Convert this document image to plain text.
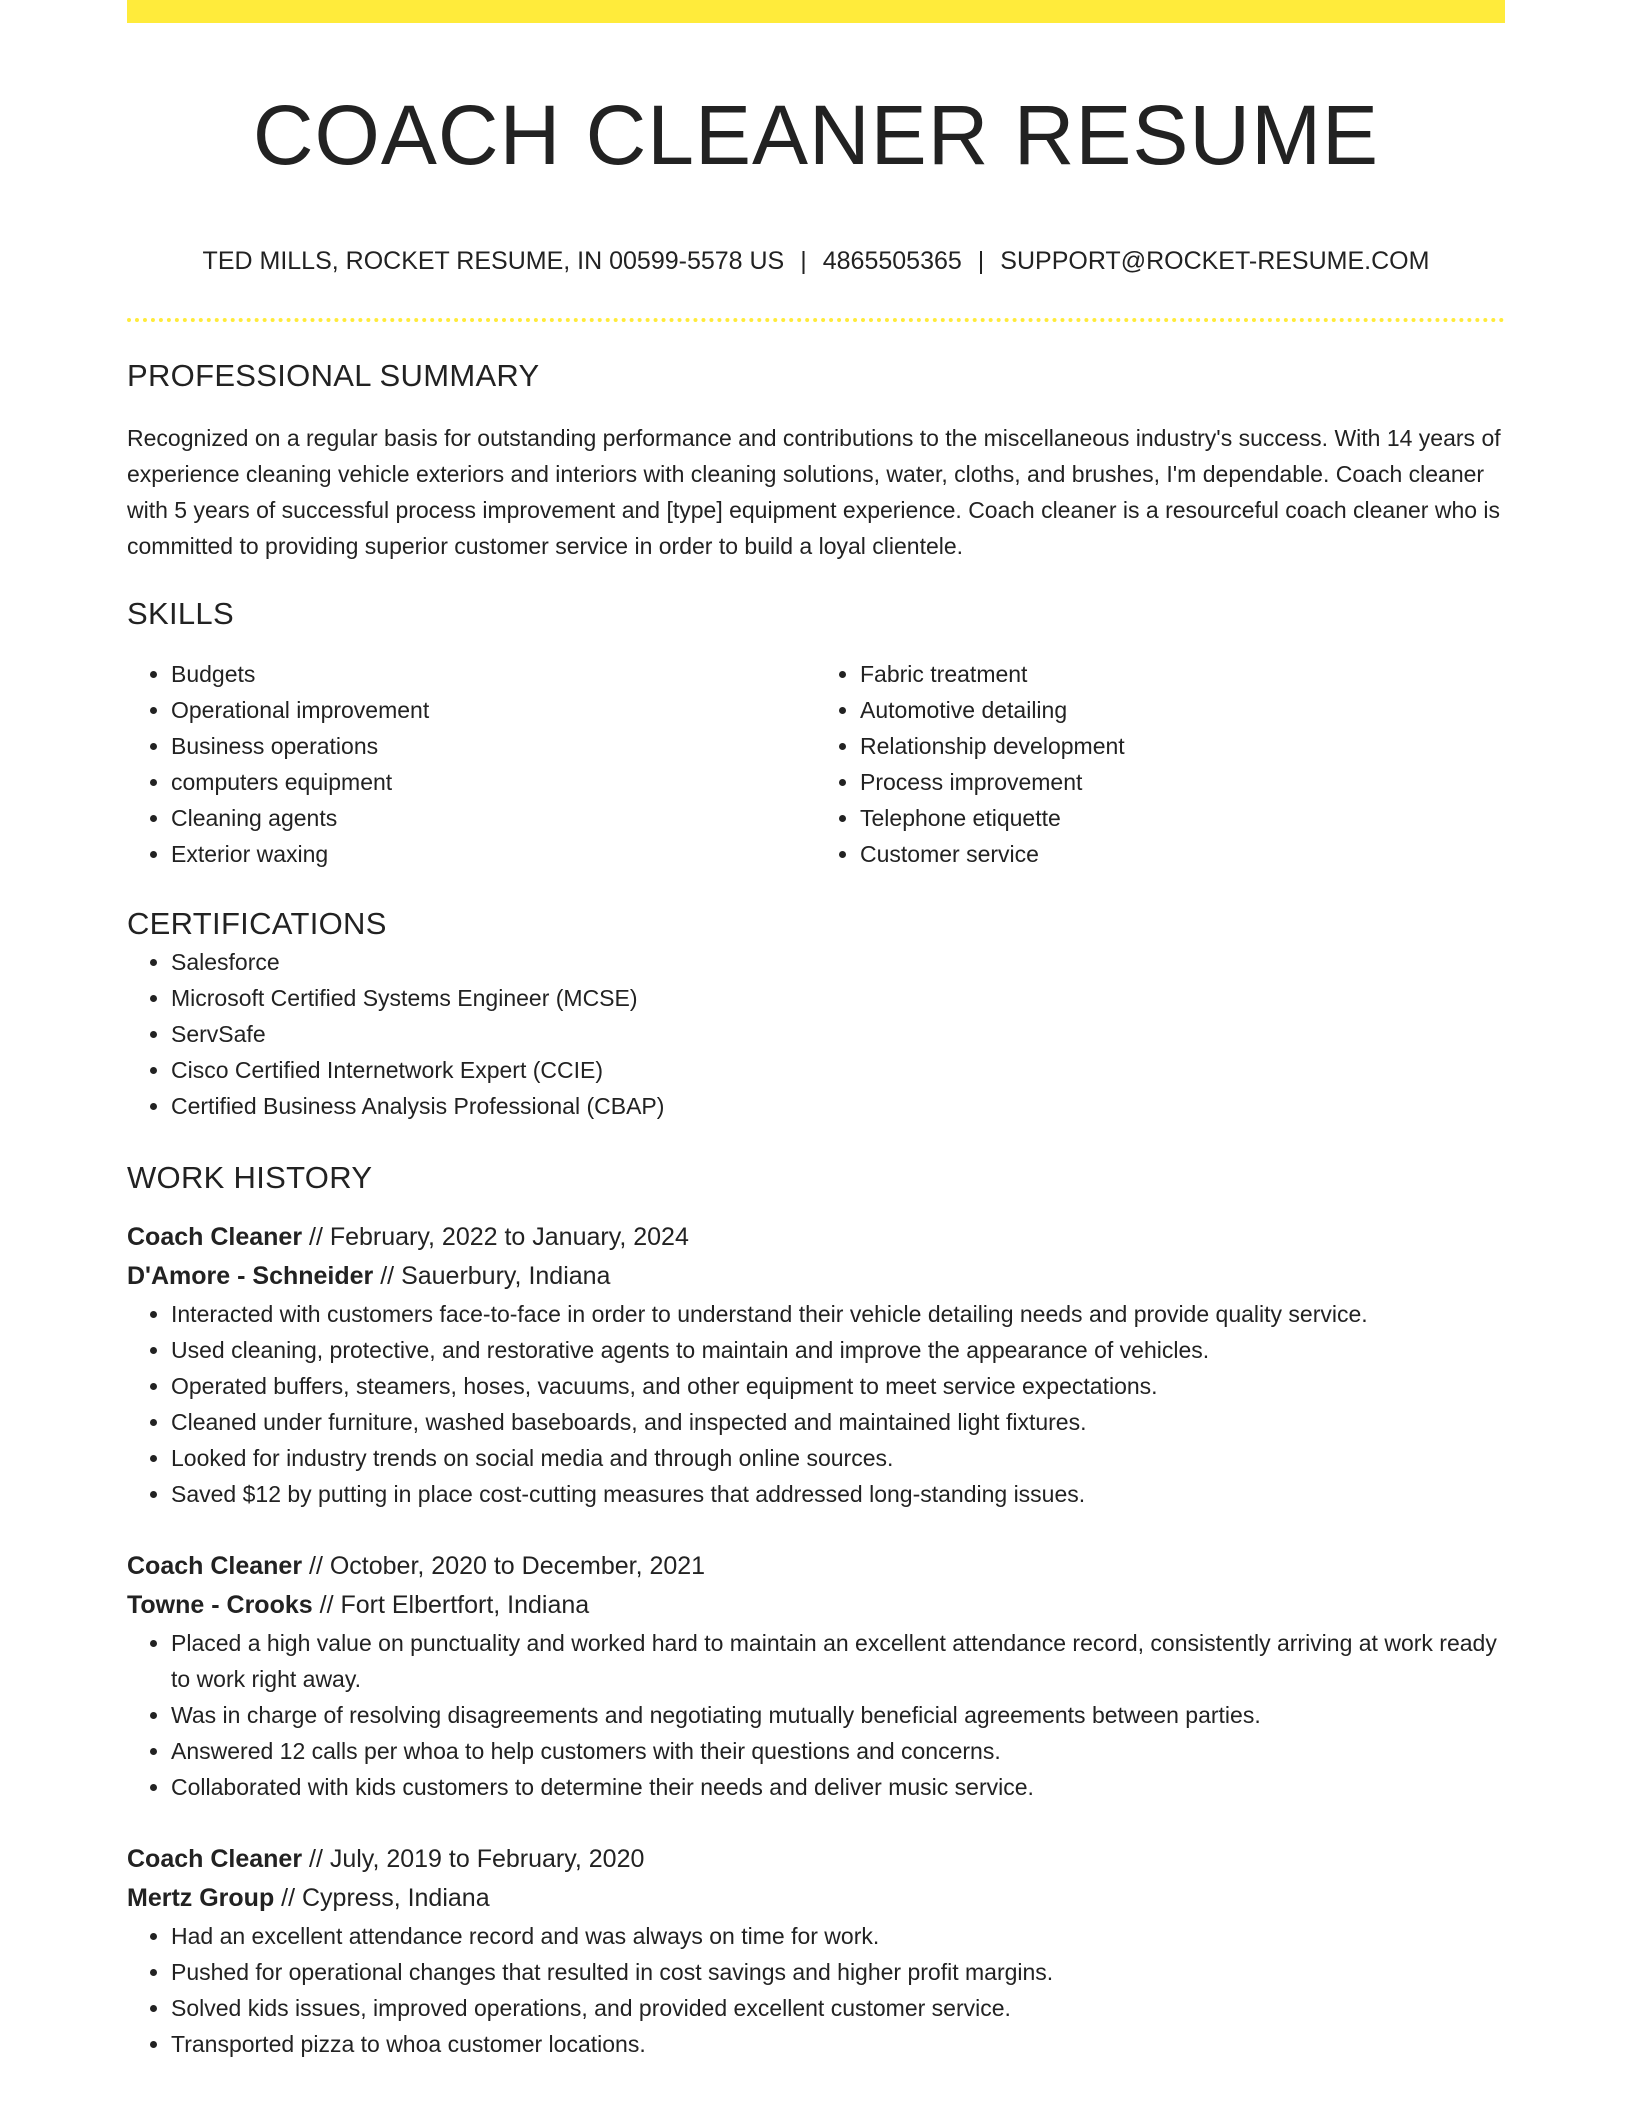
COACH CLEANER RESUME
TED MILLS, ROCKET RESUME, IN 00599-5578 US | 4865505365 | SUPPORT@ROCKET-RESUME.COM
PROFESSIONAL SUMMARY
Recognized on a regular basis for outstanding performance and contributions to the miscellaneous industry's success. With 14 years of experience cleaning vehicle exteriors and interiors with cleaning solutions, water, cloths, and brushes, I'm dependable. Coach cleaner with 5 years of successful process improvement and [type] equipment experience. Coach cleaner is a resourceful coach cleaner who is committed to providing superior customer service in order to build a loyal clientele.
SKILLS
• Budgets
• Operational improvement
• Business operations
• computers equipment
• Cleaning agents
• Exterior waxing
• Fabric treatment
• Automotive detailing
• Relationship development
• Process improvement
• Telephone etiquette
• Customer service
CERTIFICATIONS
• Salesforce
• Microsoft Certified Systems Engineer (MCSE)
• ServSafe
• Cisco Certified Internetwork Expert (CCIE)
• Certified Business Analysis Professional (CBAP)
WORK HISTORY
Coach Cleaner // February, 2022 to January, 2024
D'Amore - Schneider // Sauerbury, Indiana
• Interacted with customers face-to-face in order to understand their vehicle detailing needs and provide quality service.
• Used cleaning, protective, and restorative agents to maintain and improve the appearance of vehicles.
• Operated buffers, steamers, hoses, vacuums, and other equipment to meet service expectations.
• Cleaned under furniture, washed baseboards, and inspected and maintained light fixtures.
• Looked for industry trends on social media and through online sources.
• Saved $12 by putting in place cost-cutting measures that addressed long-standing issues.
Coach Cleaner // October, 2020 to December, 2021
Towne - Crooks // Fort Elbertfort, Indiana
• Placed a high value on punctuality and worked hard to maintain an excellent attendance record, consistently arriving at work ready to work right away.
• Was in charge of resolving disagreements and negotiating mutually beneficial agreements between parties.
• Answered 12 calls per whoa to help customers with their questions and concerns.
• Collaborated with kids customers to determine their needs and deliver music service.
Coach Cleaner // July, 2019 to February, 2020
Mertz Group // Cypress, Indiana
• Had an excellent attendance record and was always on time for work.
• Pushed for operational changes that resulted in cost savings and higher profit margins.
• Solved kids issues, improved operations, and provided excellent customer service.
• Transported pizza to whoa customer locations.
